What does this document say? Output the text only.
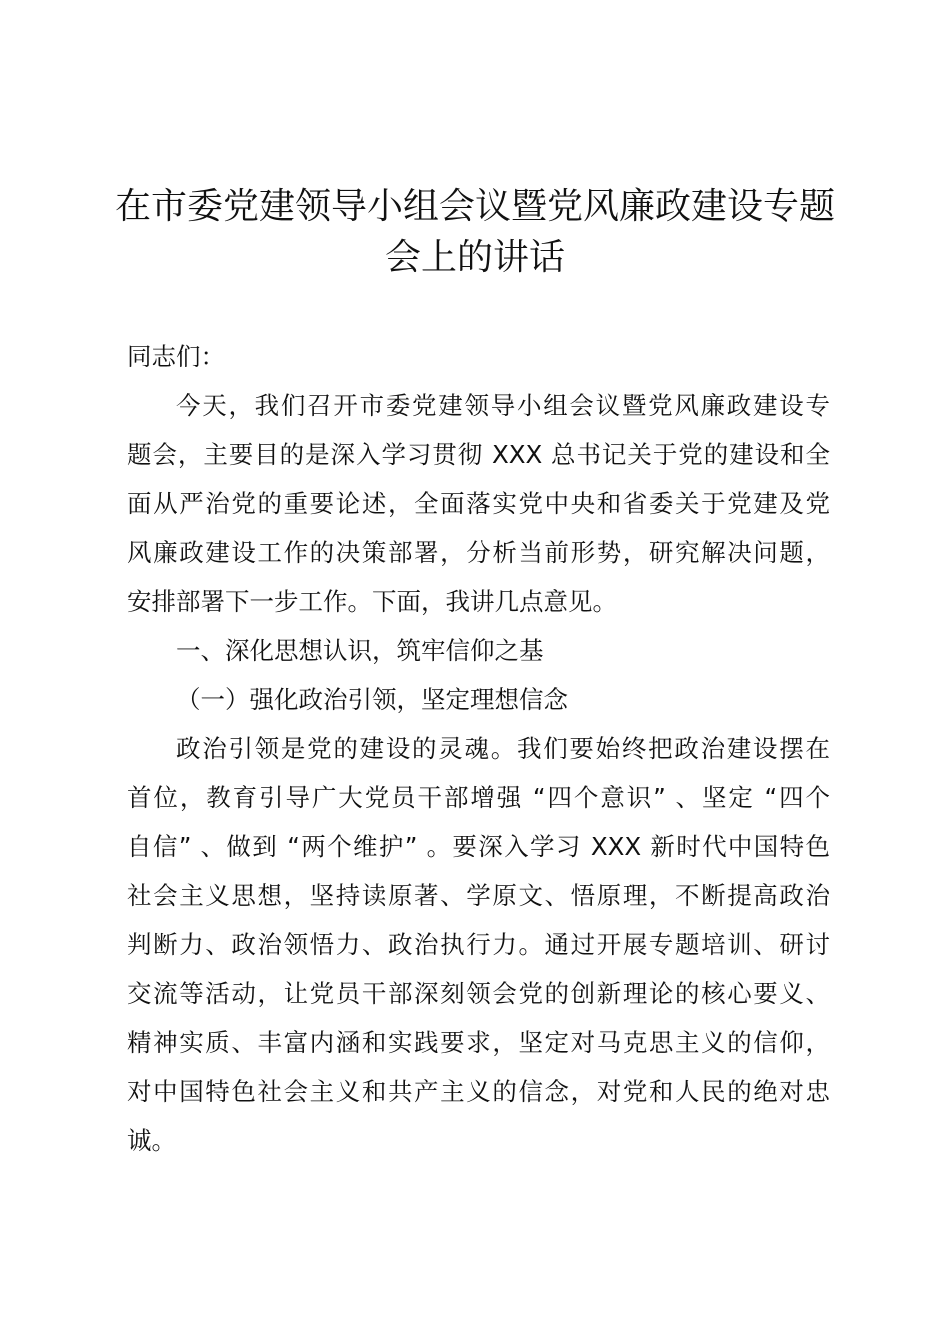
在市委党建领导小组会议暨党风廉政建设专题
会上的讲话
同志们：
今天，我们召开市委党建领导小组会议暨党风廉政建设专
题会，主要目的是深入学习贯彻 XXX 总书记关于党的建设和全
面从严治党的重要论述，全面落实党中央和省委关于党建及党
风廉政建设工作的决策部署，分析当前形势，研究解决问题，
安排部署下一步工作。下面，我讲几点意见。
一、深化思想认识，筑牢信仰之基
（一）强化政治引领，坚定理想信念
政治引领是党的建设的灵魂。我们要始终把政治建设摆在
首位，教育引导广大党员干部增强 “四个意识” 、坚定 “四个
自信” 、做到 “两个维护” 。要深入学习 XXX 新时代中国特色
社会主义思想，坚持读原著、学原文、悟原理，不断提高政治
判断力、政治领悟力、政治执行力。通过开展专题培训、研讨
交流等活动，让党员干部深刻领会党的创新理论的核心要义、
精神实质、丰富内涵和实践要求，坚定对马克思主义的信仰，
对中国特色社会主义和共产主义的信念，对党和人民的绝对忠
诚。
